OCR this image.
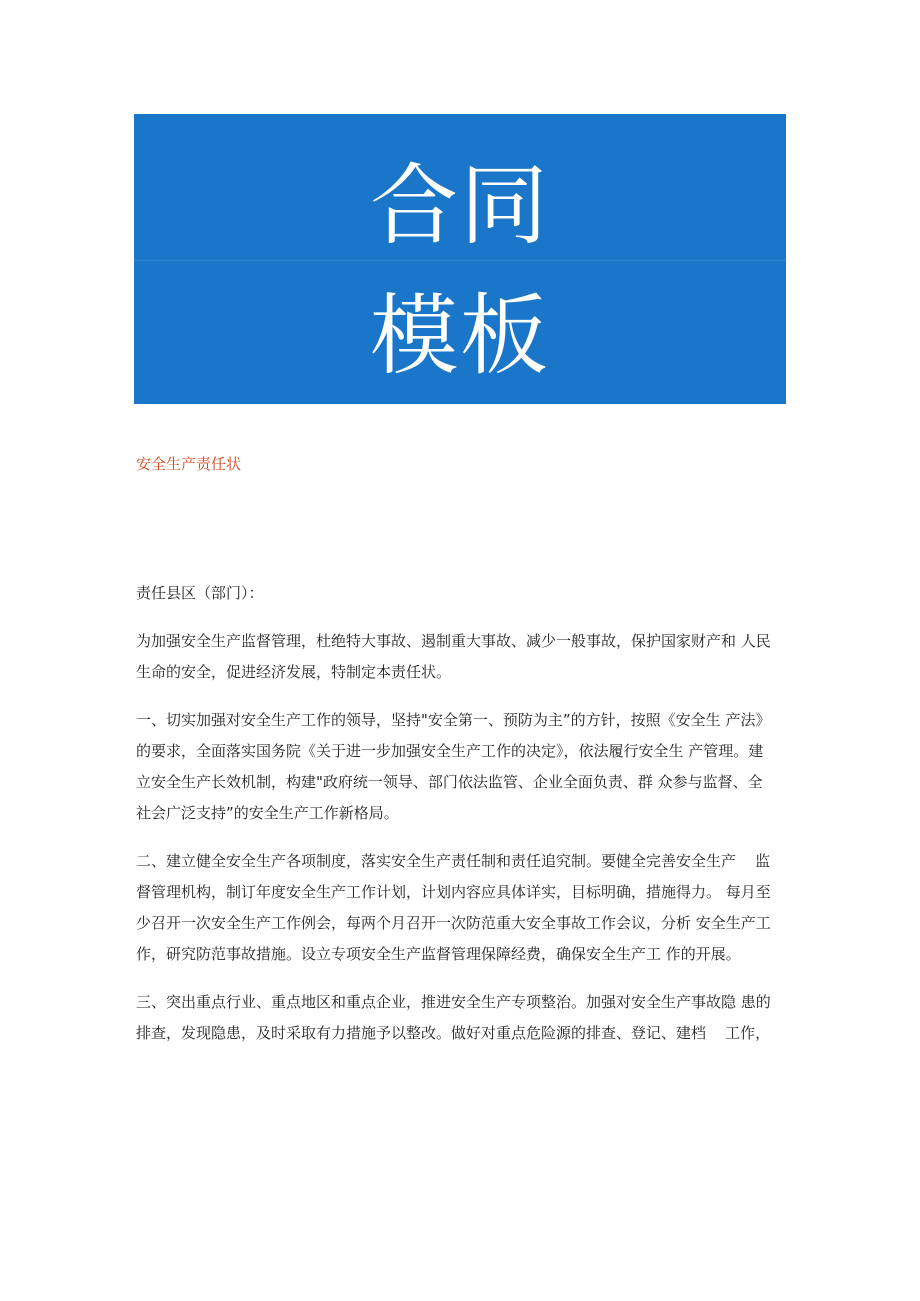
合同
模板
安全生产责任状
责任县区（部门）：
为加强安全生产监督管理，杜绝特大事故、遏制重大事故、减少一般事故，保护国家财产和 人民
生命的安全，促进经济发展，特制定本责任状。
一、切实加强对安全生产工作的领导，坚持"安全第一、预防为主”的方针，按照《安全生 产法》
的要求，全面落实国务院《关于进一步加强安全生产工作的决定》，依法履行安全生 产管理。建
立安全生产长效机制，构建"政府统一领导、部门依法监管、企业全面负责、群 众参与监督、全
社会广泛支持”的安全生产工作新格局。
二、建立健全安全生产各项制度，落实安全生产责任制和责任追究制。要健全完善安全生产    监
督管理机构，制订年度安全生产工作计划，计划内容应具体详实，目标明确，措施得力。 每月至
少召开一次安全生产工作例会，每两个月召开一次防范重大安全事故工作会议，分析 安全生产工
作，研究防范事故措施。设立专项安全生产监督管理保障经费，确保安全生产工 作的开展。
三、突出重点行业、重点地区和重点企业，推进安全生产专项整治。加强对安全生产事故隐 患的
排查，发现隐患，及时采取有力措施予以整改。做好对重点危险源的排查、登记、建档    工作，
